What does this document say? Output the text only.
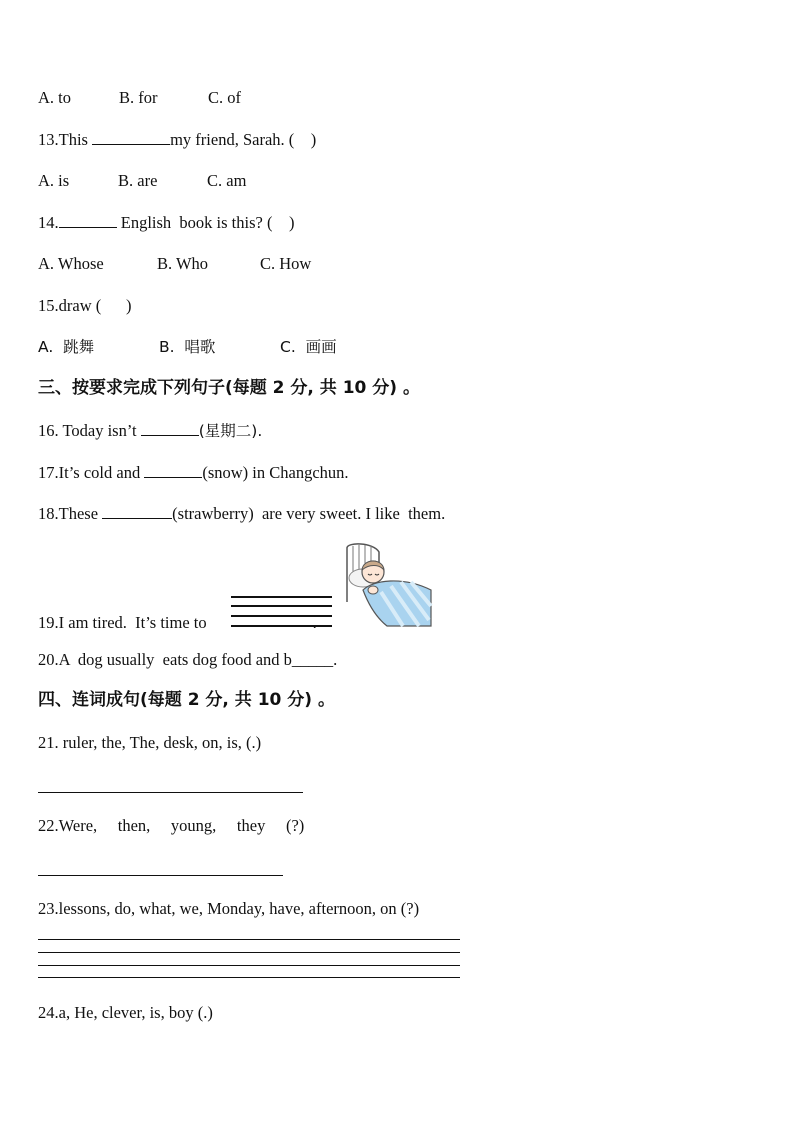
A. to	B. for	C. of
13.This	my friend, Sarah. (    )
A. is	B. are	C. am
14.	English  book is this? (    )
A. Whose	B. Who	C. How
15.draw (      )
A.  跳舞	B.  唱歌	C.  画画
三、按要求完成下列句子(每题 2 分, 共 10 分) 。
16. Today isn’t	(星期二).
17.It’s cold and	(snow) in Changchun.
18.These	(strawberry)  are very sweet. I like  them.
19.I am tired.  It’s time to	.
20.A  dog usually  eats dog food and b_____.
四、连词成句(每题 2 分, 共 10 分) 。
21. ruler, the, The, desk, on, is, (.)
22.Were,     then,     young,     they     (?)
23.lessons, do, what, we, Monday, have, afternoon, on (?)
24.a, He, clever, is, boy (.)
